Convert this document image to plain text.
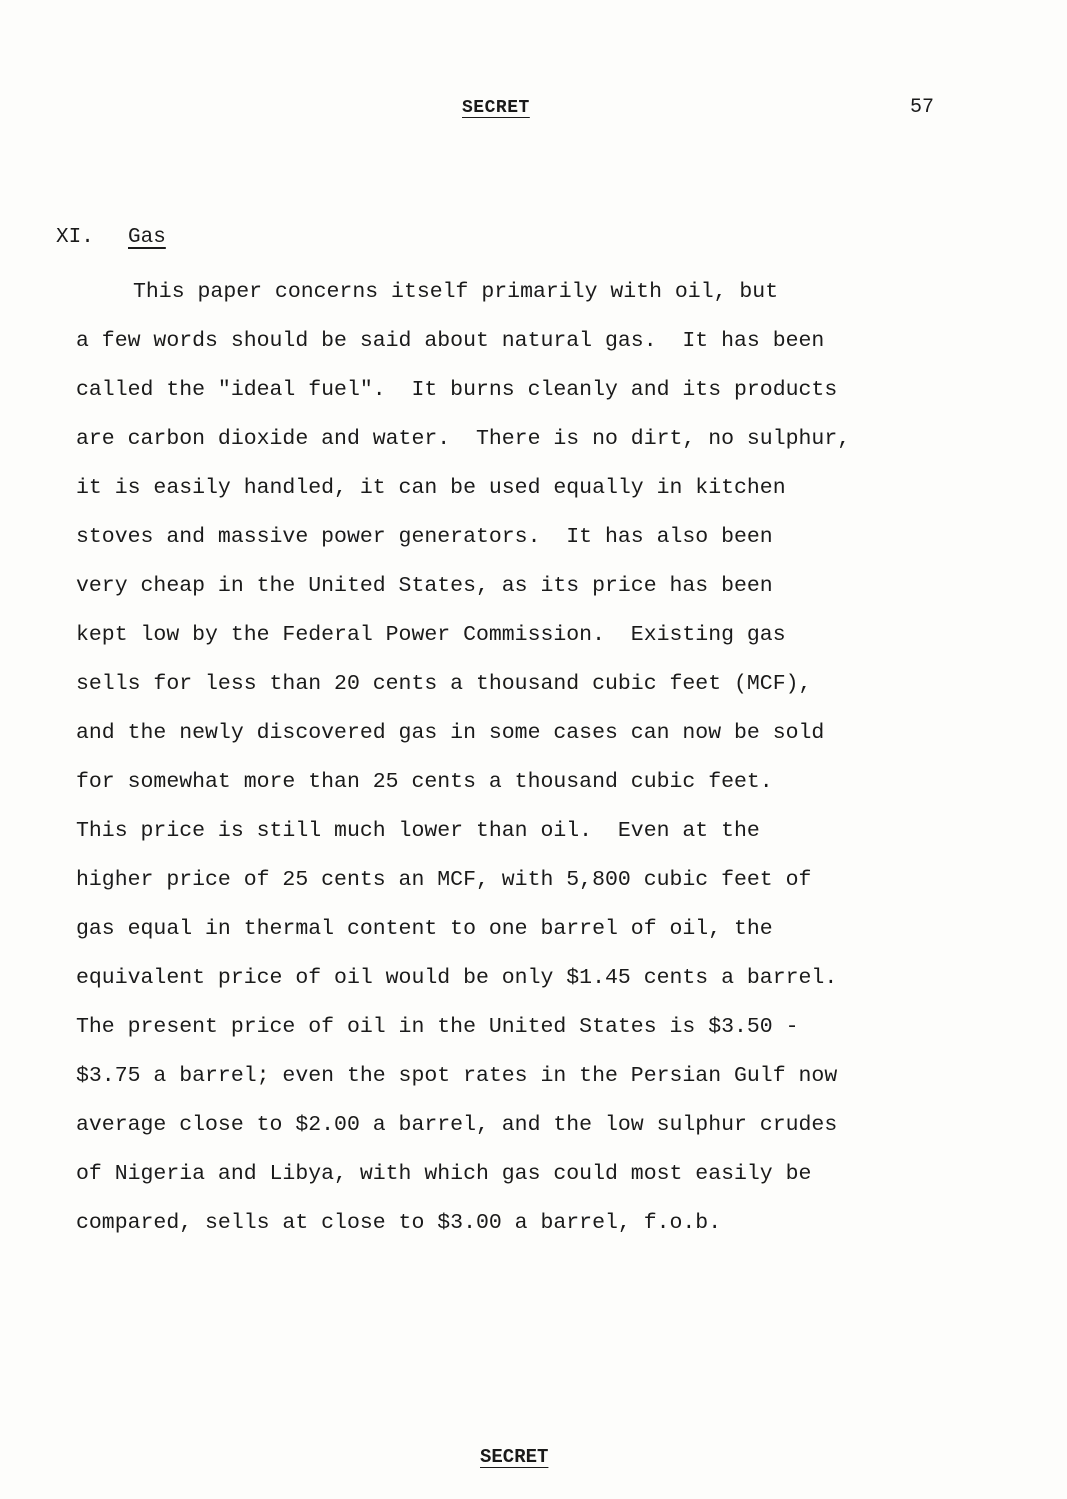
SECRET	57
XI. Gas
This paper concerns itself primarily with oil, but
a few words should be said about natural gas.  It has been
called the "ideal fuel".  It burns cleanly and its products
are carbon dioxide and water.  There is no dirt, no sulphur,
it is easily handled, it can be used equally in kitchen
stoves and massive power generators.  It has also been
very cheap in the United States, as its price has been
kept low by the Federal Power Commission.  Existing gas
sells for less than 20 cents a thousand cubic feet (MCF),
and the newly discovered gas in some cases can now be sold
for somewhat more than 25 cents a thousand cubic feet.
This price is still much lower than oil.  Even at the
higher price of 25 cents an MCF, with 5,800 cubic feet of
gas equal in thermal content to one barrel of oil, the
equivalent price of oil would be only $1.45 cents a barrel.
The present price of oil in the United States is $3.50 -
$3.75 a barrel; even the spot rates in the Persian Gulf now
average close to $2.00 a barrel, and the low sulphur crudes
of Nigeria and Libya, with which gas could most easily be
compared, sells at close to $3.00 a barrel, f.o.b.
SECRET
